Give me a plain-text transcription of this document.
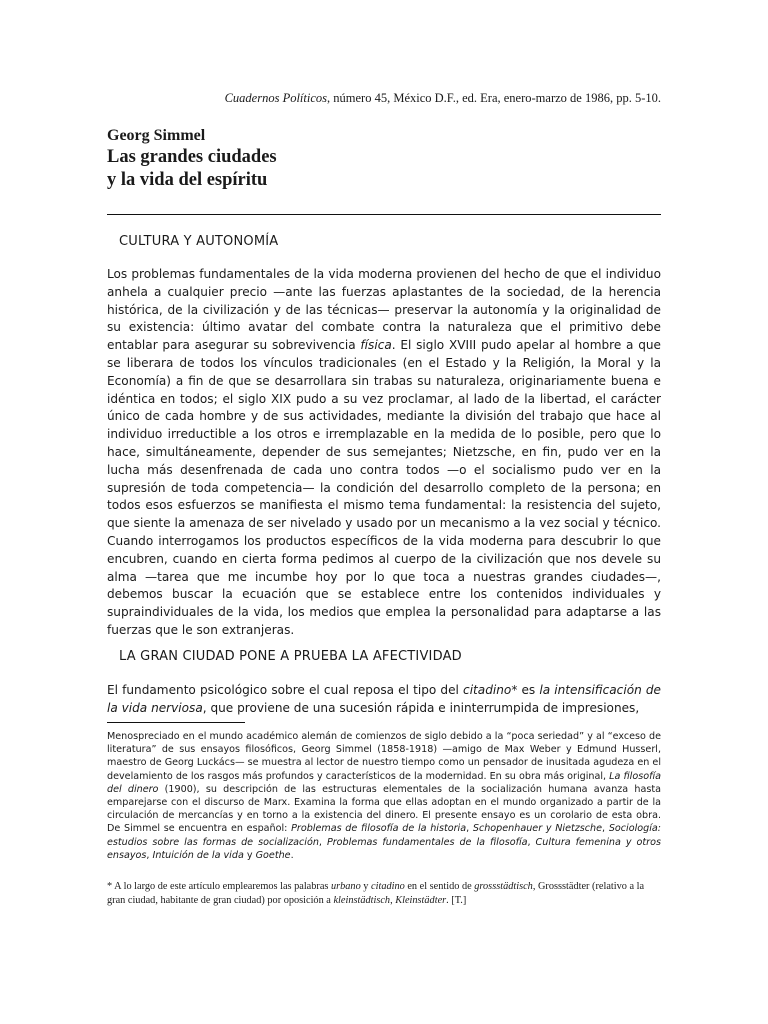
Cuadernos Políticos, número 45, México D.F., ed. Era, enero-marzo de 1986, pp. 5-10.
Georg Simmel
Las grandes ciudades
y la vida del espíritu
CULTURA Y AUTONOMÍA

Los problemas fundamentales de la vida moderna provienen del hecho de que el individuo anhela a cualquier precio —ante las fuerzas aplastantes de la sociedad, de la herencia histórica, de la civilización y de las técnicas— preservar la autonomía y la originalidad de su existencia: último avatar del combate contra la naturaleza que el primitivo debe entablar para asegurar su sobrevivencia física. El siglo XVIII pudo apelar al hombre a que se liberara de todos los vínculos tradicionales (en el Estado y la Religión, la Moral y la Economía) a fin de que se desarrollara sin trabas su naturaleza, originariamente buena e idéntica en todos; el siglo XIX pudo a su vez proclamar, al lado de la libertad, el carácter único de cada hombre y de sus actividades, mediante la división del trabajo que hace al individuo irreductible a los otros e irremplazable en la medida de lo posible, pero que lo hace, simultáneamente, depender de sus semejantes; Nietzsche, en fin, pudo ver en la lucha más desenfrenada de cada uno contra todos —o el socialismo pudo ver en la supresión de toda competencia— la condición del desarrollo completo de la persona; en todos esos esfuerzos se manifiesta el mismo tema fundamental: la resistencia del sujeto, que siente la amenaza de ser nivelado y usado por un mecanismo a la vez social y técnico. Cuando interrogamos los productos específicos de la vida moderna para descubrir lo que encubren, cuando en cierta forma pedimos al cuerpo de la civilización que nos devele su alma —tarea que me incumbe hoy por lo que toca a nuestras grandes ciudades—, debemos buscar la ecuación que se establece entre los contenidos individuales y supraindividuales de la vida, los medios que emplea la personalidad para adaptarse a las fuerzas que le son extranjeras.

LA GRAN CIUDAD PONE A PRUEBA LA AFECTIVIDAD

El fundamento psicológico sobre el cual reposa el tipo del citadino* es la intensificación de la vida nerviosa, que proviene de una sucesión rápida e ininterrumpida de impresiones,

Menospreciado en el mundo académico alemán de comienzos de siglo debido a la “poca seriedad” y al “exceso de literatura” de sus ensayos filosóficos, Georg Simmel (1858-1918) —amigo de Max Weber y Edmund Husserl, maestro de Georg Luckács— se muestra al lector de nuestro tiempo como un pensador de inusitada agudeza en el develamiento de los rasgos más profundos y característicos de la modernidad. En su obra más original, La filosofía del dinero (1900), su descripción de las estructuras elementales de la socialización humana avanza hasta emparejarse con el discurso de Marx. Examina la forma que ellas adoptan en el mundo organizado a partir de la circulación de mercancías y en torno a la existencia del dinero. El presente ensayo es un corolario de esta obra. De Simmel se encuentra en español: Problemas de filosofía de la historia, Schopenhauer y Nietzsche, Sociología: estudios sobre las formas de socialización, Problemas fundamentales de la filosofía, Cultura femenina y otros ensayos, Intuición de la vida y Goethe.

* A lo largo de este artículo emplearemos las palabras urbano y citadino en el sentido de grossstädtisch, Grossstädter (relativo a la gran ciudad, habitante de gran ciudad) por oposición a kleinstädtisch, Kleinstädter. [T.]
